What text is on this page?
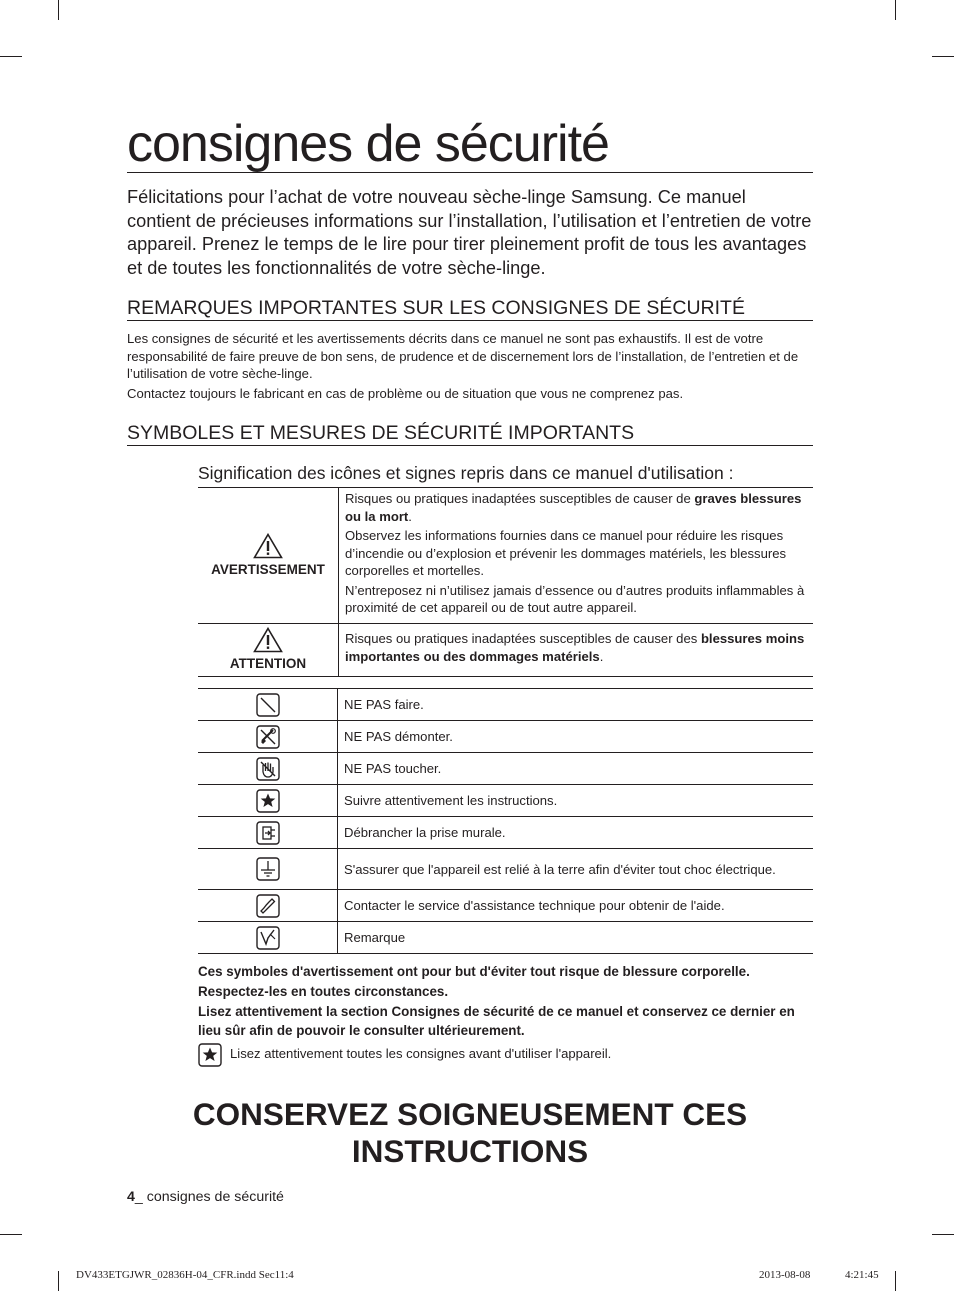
consignes de sécurité
Félicitations pour l’achat de votre nouveau sèche-linge Samsung. Ce manuel contient de précieuses informations sur l’installation, l’utilisation et l’entretien de votre appareil. Prenez le temps de le lire pour tirer pleinement profit de tous les avantages et de toutes les fonctionnalités de votre sèche-linge.
REMARQUES IMPORTANTES SUR LES CONSIGNES DE SÉCURITÉ
Les consignes de sécurité et les avertissements décrits dans ce manuel ne sont pas exhaustifs. Il est de votre responsabilité de faire preuve de bon sens, de prudence et de discernement lors de l’installation, de l’entretien et de l’utilisation de votre sèche-linge.
Contactez toujours le fabricant en cas de problème ou de situation que vous ne comprenez pas.
SYMBOLES ET MESURES DE SÉCURITÉ IMPORTANTS
Signification des icônes et signes repris dans ce manuel d'utilisation :
AVERTISSEMENT	Risques ou pratiques inadaptées susceptibles de causer de graves blessures ou la mort.

Observez les informations fournies dans ce manuel pour réduire les risques d’incendie ou d’explosion et prévenir les dommages matériels, les blessures corporelles et mortelles.

N’entreposez ni n’utilisez jamais d’essence ou d’autres produits inflammables à proximité de cet appareil ou de tout autre appareil.

ATTENTION	Risques ou pratiques inadaptées susceptibles de causer des blessures moins importantes ou des dommages matériels.

	NE PAS faire.

	NE PAS démonter.

	NE PAS toucher.

	Suivre attentivement les instructions.

	Débrancher la prise murale.

	S'assurer que l'appareil est relié à la terre afin d'éviter tout choc électrique.

	Contacter le service d'assistance technique pour obtenir de l'aide.

	Remarque
Ces symboles d'avertissement ont pour but d'éviter tout risque de blessure corporelle.
Respectez-les en toutes circonstances.
Lisez attentivement la section Consignes de sécurité de ce manuel et conservez ce dernier en lieu sûr afin de pouvoir le consulter ultérieurement.
Lisez attentivement toutes les consignes avant d'utiliser l'appareil.
CONSERVEZ SOIGNEUSEMENT CES INSTRUCTIONS
4_ consignes de sécurité
DV433ETGJWR_02836H-04_CFR.indd Sec11:4	2013-08-08	4:21:45
